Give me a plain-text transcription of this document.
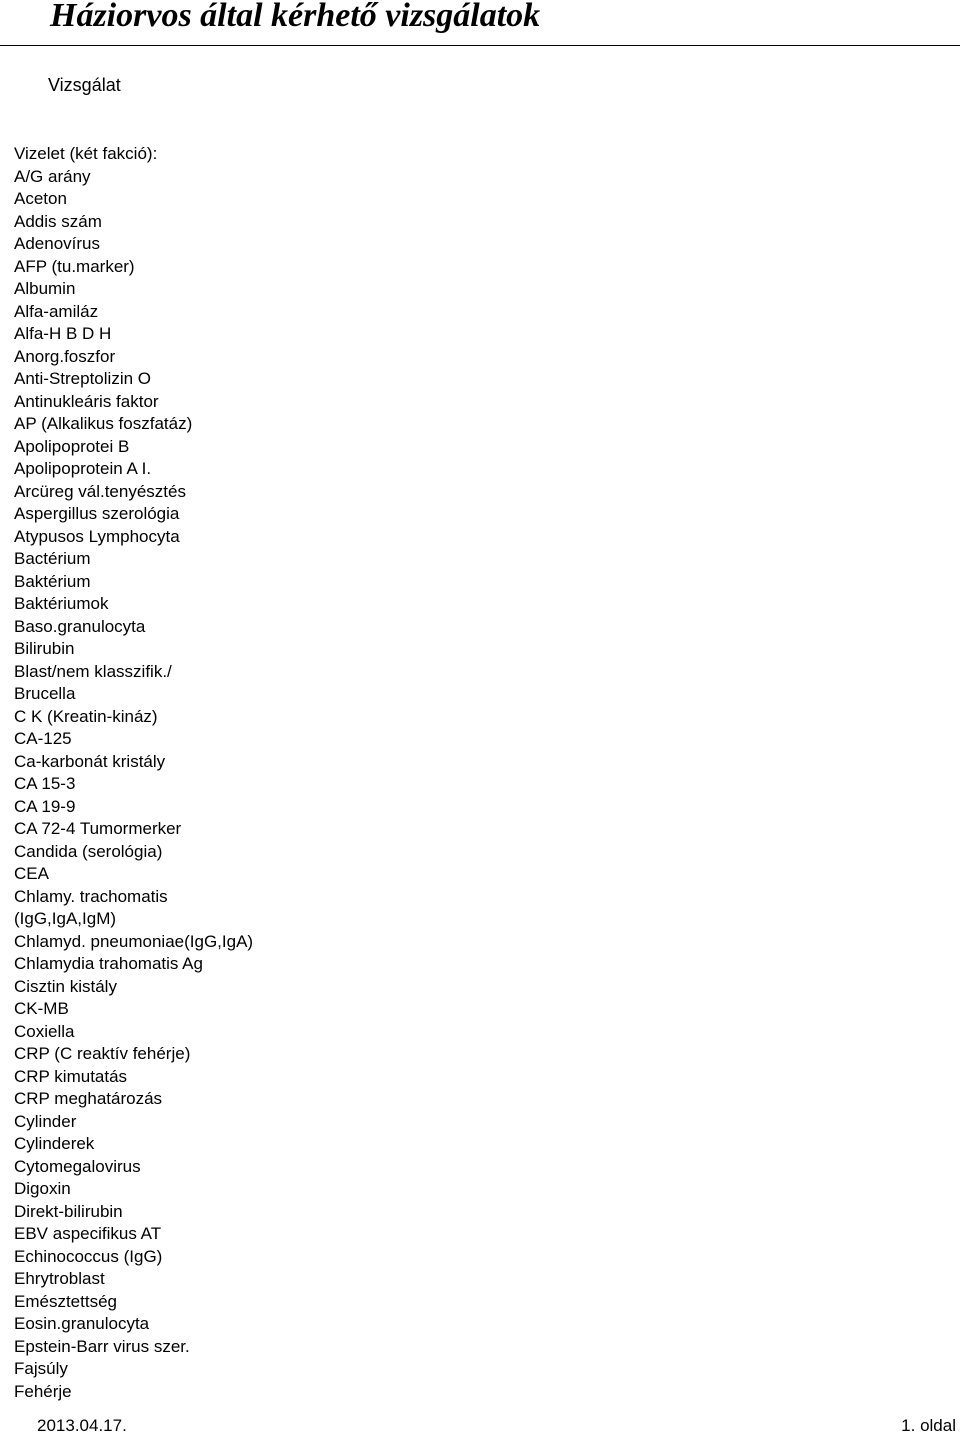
Háziorvos által kérhető vizsgálatok
Vizsgálat
Vizelet (két fakció):
A/G arány
Aceton
Addis szám
Adenovírus
AFP (tu.marker)
Albumin
Alfa-amiláz
Alfa-H B D H
Anorg.foszfor
Anti-Streptolizin O
Antinukleáris faktor
AP (Alkalikus foszfatáz)
Apolipoprotei B
Apolipoprotein A I.
Arcüreg vál.tenyésztés
Aspergillus szerológia
Atypusos Lymphocyta
Bactérium
Baktérium
Baktériumok
Baso.granulocyta
Bilirubin
Blast/nem klasszifik./
Brucella
C K (Kreatin-kináz)
CA-125
Ca-karbonát kristály
CA 15-3
CA 19-9
CA 72-4 Tumormerker
Candida (serológia)
CEA
Chlamy. trachomatis
(IgG,IgA,IgM)
Chlamyd. pneumoniae(IgG,IgA)
Chlamydia trahomatis Ag
Cisztin kistály
CK-MB
Coxiella
CRP (C reaktív fehérje)
CRP kimutatás
CRP meghatározás
Cylinder
Cylinderek
Cytomegalovirus
Digoxin
Direkt-bilirubin
EBV aspecifikus AT
Echinococcus (IgG)
Ehrytroblast
Emésztettség
Eosin.granulocyta
Epstein-Barr virus szer.
Fajsúly
Fehérje
2013.04.17.	1. oldal
